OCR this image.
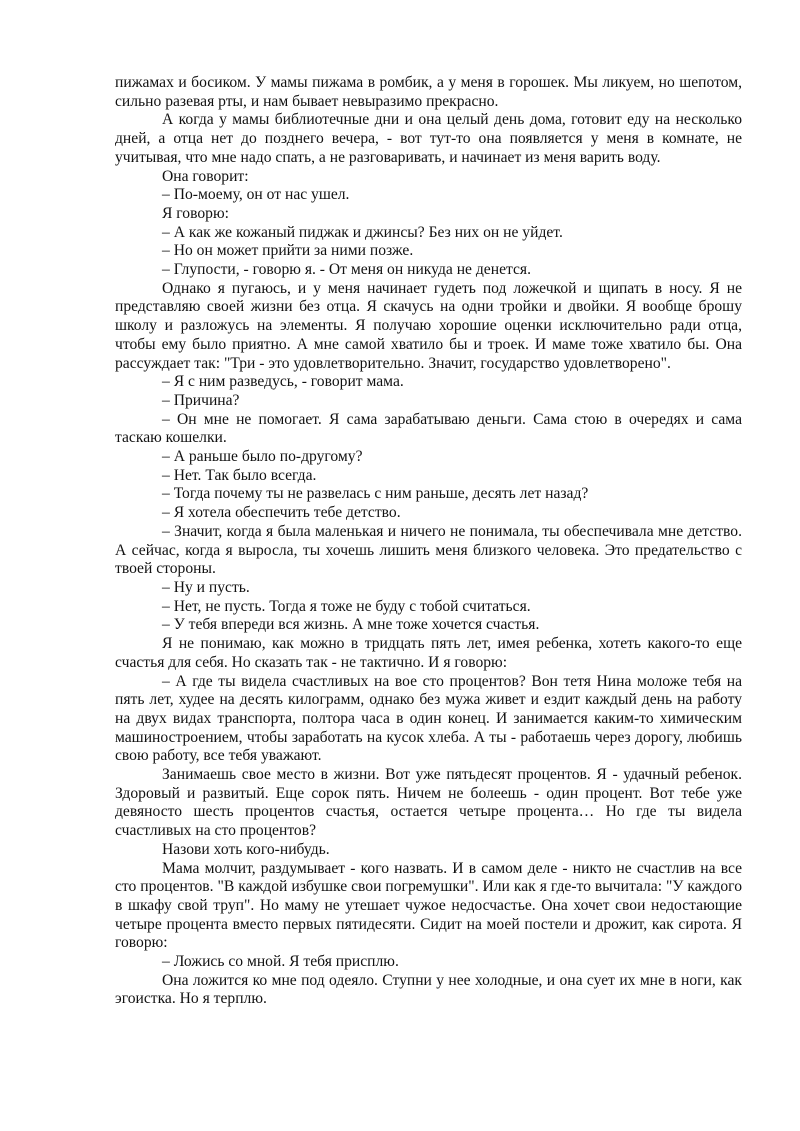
пижамах и босиком. У мамы пижама в ромбик, а у меня в горошек. Мы ликуем, но шепотом, сильно разевая рты, и нам бывает невыразимо прекрасно.

А когда у мамы библиотечные дни и она целый день дома, готовит еду на несколько дней, а отца нет до позднего вечера, - вот тут-то она появляется у меня в комнате, не учитывая, что мне надо спать, а не разговаривать, и начинает из меня варить воду.

Она говорит:

– По-моему, он от нас ушел.

Я говорю:

– А как же кожаный пиджак и джинсы? Без них он не уйдет.

– Но он может прийти за ними позже.

– Глупости, - говорю я. - От меня он никуда не денется.

Однако я пугаюсь, и у меня начинает гудеть под ложечкой и щипать в носу. Я не представляю своей жизни без отца. Я скачусь на одни тройки и двойки. Я вообще брошу школу и разложусь на элементы. Я получаю хорошие оценки исключительно ради отца, чтобы ему было приятно. А мне самой хватило бы и троек. И маме тоже хватило бы. Она рассуждает так: "Три - это удовлетворительно. Значит, государство удовлетворено".

– Я с ним разведусь, - говорит мама.

– Причина?

– Он мне не помогает. Я сама зарабатываю деньги. Сама стою в очередях и сама таскаю кошелки.

– А раньше было по-другому?

– Нет. Так было всегда.

– Тогда почему ты не развелась с ним раньше, десять лет назад?

– Я хотела обеспечить тебе детство.

– Значит, когда я была маленькая и ничего не понимала, ты обеспечивала мне детство. А сейчас, когда я выросла, ты хочешь лишить меня близкого человека. Это предательство с твоей стороны.

– Ну и пусть.

– Нет, не пусть. Тогда я тоже не буду с тобой считаться.

– У тебя впереди вся жизнь. А мне тоже хочется счастья.

Я не понимаю, как можно в тридцать пять лет, имея ребенка, хотеть какого-то еще счастья для себя. Но сказать так - не тактично. И я говорю:

– А где ты видела счастливых на вое сто процентов? Вон тетя Нина моложе тебя на пять лет, худее на десять килограмм, однако без мужа живет и ездит каждый день на работу на двух видах транспорта, полтора часа в один конец. И занимается каким-то химическим машиностроением, чтобы заработать на кусок хлеба. А ты - работаешь через дорогу, любишь свою работу, все тебя уважают.

Занимаешь свое место в жизни. Вот уже пятьдесят процентов. Я - удачный ребенок. Здоровый и развитый. Еще сорок пять. Ничем не болеешь - один процент. Вот тебе уже девяносто шесть процентов счастья, остается четыре процента… Но где ты видела счастливых на сто процентов?

Назови хоть кого-нибудь.

Мама молчит, раздумывает - кого назвать. И в самом деле - никто не счастлив на все сто процентов. "В каждой избушке свои погремушки". Или как я где-то вычитала: "У каждого в шкафу свой труп". Но маму не утешает чужое недосчастье. Она хочет свои недостающие четыре процента вместо первых пятидесяти. Сидит на моей постели и дрожит, как сирота. Я говорю:

– Ложись со мной. Я тебя присплю.

Она ложится ко мне под одеяло. Ступни у нее холодные, и она сует их мне в ноги, как эгоистка. Но я терплю.
